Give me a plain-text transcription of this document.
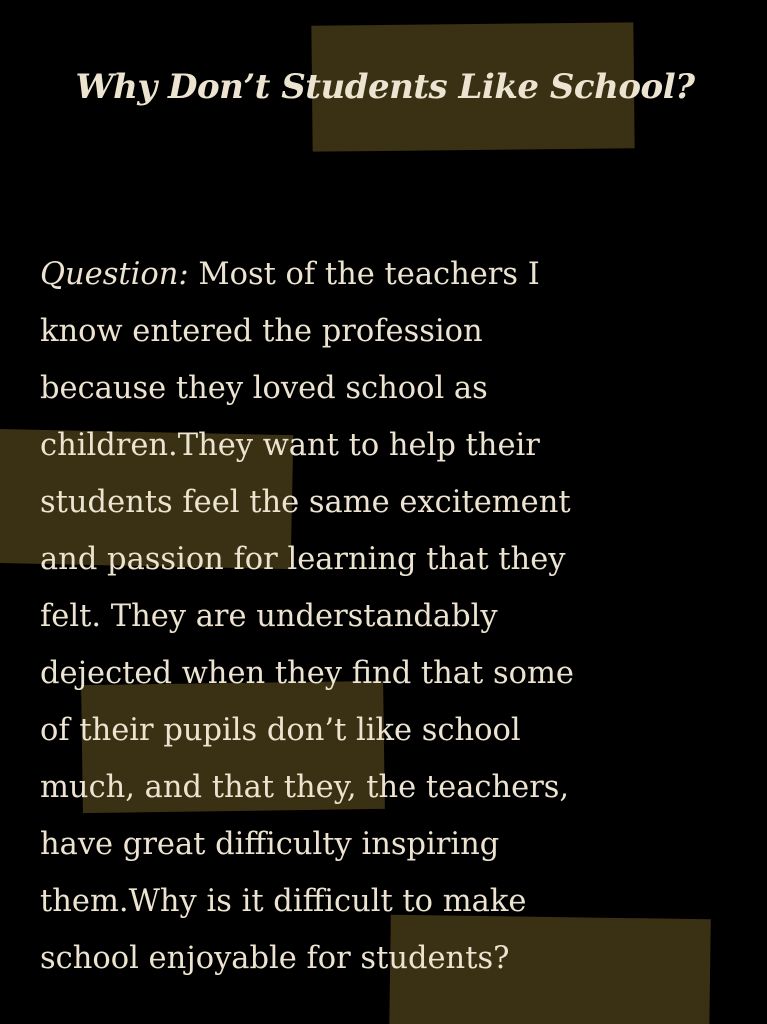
Why Don’t Students Like School?
Question: Most of the teachers I
know entered the profession
because they loved school as
children.They want to help their
students feel the same excitement
and passion for learning that they
felt. They are understandably
dejected when they find that some
of their pupils don’t like school
much, and that they, the teachers,
have great difficulty inspiring
them.Why is it difficult to make
school enjoyable for students?
